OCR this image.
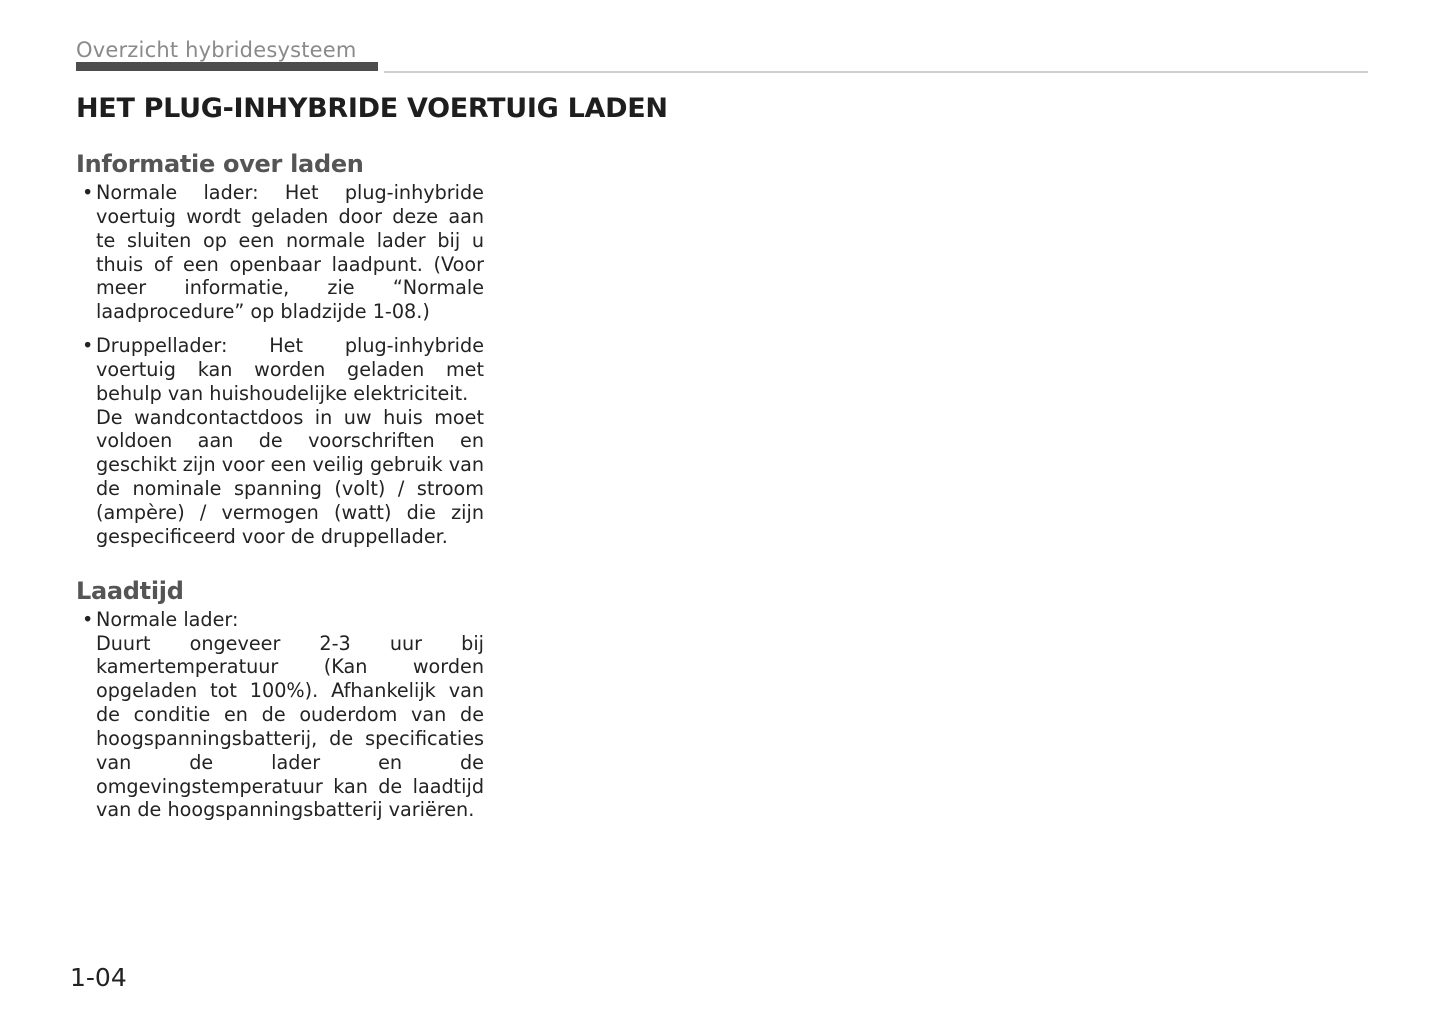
Overzicht hybridesysteem
HET PLUG-INHYBRIDE VOERTUIG LADEN
Informatie over laden
• Normale lader: Het plug-inhybride voertuig wordt geladen door deze aan te sluiten op een normale lader bij u thuis of een openbaar laadpunt. (Voor meer informatie, zie “Normale laadprocedure” op bladzijde 1-08.)
• Druppellader: Het plug-inhybride voertuig kan worden geladen met behulp van huishoudelijke elektriciteit.
De wandcontactdoos in uw huis moet voldoen aan de voorschriften en geschikt zijn voor een veilig gebruik van de nominale spanning (volt) / stroom (ampère) / vermogen (watt) die zijn gespecificeerd voor de druppellader.
Laadtijd
• Normale lader:
Duurt ongeveer 2-3 uur bij kamertemperatuur (Kan worden opgeladen tot 100%). Afhankelijk van de conditie en de ouderdom van de hoogspanningsbatterij, de specificaties van de lader en de omgevingstemperatuur kan de laadtijd van de hoogspanningsbatterij variëren.
1-04
